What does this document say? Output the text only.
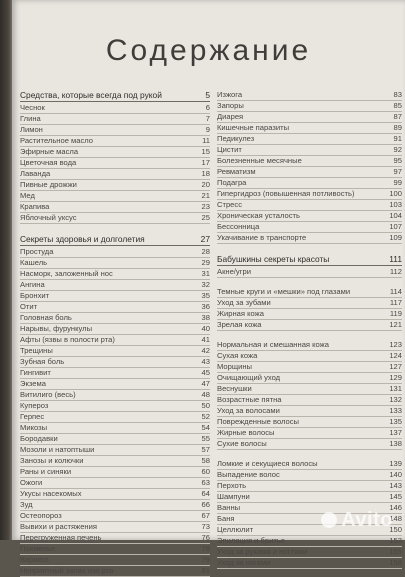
Содержание
Средства, которые всегда под рукой	5
Чеснок	6
Глина	7
Лимон	9
Растительное масло	11
Эфирные масла	15
Цветочная вода	17
Лаванда	18
Пивные дрожжи	20
Мед	21
Крапива	23
Яблочный уксус	25
Секреты здоровья и долголетия	27
Простуда	28
Кашель	29
Насморк, заложенный нос	31
Ангина	32
Бронхит	35
Отит	36
Головная боль	38
Нарывы, фурункулы	40
Афты (язвы в полости рта)	41
Трещины	42
Зубная боль	43
Гингивит	45
Экзема	47
Витилиго (весь)	48
Купероз	50
Герпес	52
Микозы	54
Бородавки	55
Мозоли и натоптыши	57
Занозы и колючки	58
Раны и синяки	60
Ожоги	63
Укусы насекомых	64
Зуд	66
Остеопороз	67
Вывихи и растяжения	73
Перегруженная печень	76
Похмелье	78
Варикоз	79
Неприятный запах изо рта	81
Изжога	83
Запоры	85
Диарея	87
Кишечные паразиты	89
Педикулез	91
Цистит	92
Болезненные месячные	95
Ревматизм	97
Подагра	99
Гипергидроз (повышенная потливость)	100
Стресс	103
Хроническая усталость	104
Бессонница	107
Укачивание в транспорте	109
Бабушкины секреты красоты	111
Акне/угри	112
Темные круги и «мешки» под глазами	114
Уход за зубами	117
Жирная кожа	119
Зрелая кожа	121
Нормальная и смешанная кожа	123
Сухая кожа	124
Морщины	127
Очищающий уход	129
Веснушки	131
Возрастные пятна	132
Уход за волосами	133
Поврежденные волосы	135
Жирные волосы	137
Сухие волосы	138
Ломкие и секущиеся волосы	139
Выпадение волос	140
Перхоть	143
Шампуни	145
Ванны	146
Баня	148
Целлюлит	150
Эпиляция и бритье	153
Уход за руками и ногтями	155
Уход за ногами	158
Avito
